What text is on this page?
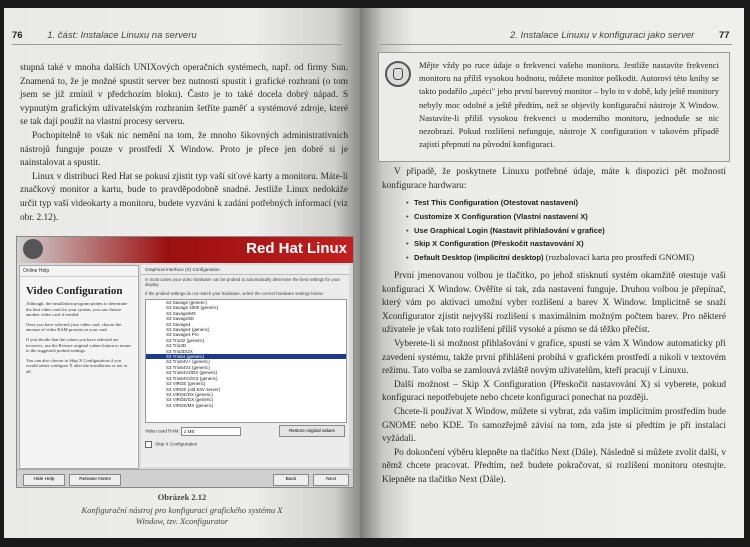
76	1. část: Instalace Linuxu na serveru

stupná také v mnoha dalších UNIXových operačních systémech, např. od firmy Sun. Znamená to, že je možné spustit server bez nutnosti spustit i grafické rozhraní (o tom jsem se již zmínil v předchozím bloku). Často je to také docela dobrý nápad. S vypnutým grafickým uživatelským rozhraním šetříte paměť a systémové zdroje, které se tak dají použít na vlastní procesy serveru.

Pochopitelně to však nic nemění na tom, že mnoho šikovných administrativních nástrojů funguje pouze v prostředí X Window. Proto je přece jen dobré si je nainstalovat a spustit.

Linux v distribuci Red Hat se pokusí zjistit typ vaší síťové karty a monitoru. Máte-li značkový monitor a kartu, bude to pravděpodobně snadné. Jestliže Linux nedokáže určit typ vaší videokarty a monitoru, budete vyzváni k zadání potřebných informací (viz obr. 2.12).

Red Hat Linux
Online Help
Video Configuration

Although, the installation program probes to determine the best video card for your system, you can choose another video card if needed.

Once you have selected your video card, choose the amount of video RAM present on your card.

If you decide that the values you have selected are incorrect, use the Restore original values button to return to the suggested probed settings.

You can also choose to Skip X Configuration if you would rather configure X after the installation or not at all.

Graphical Interface (X) Configuration
In most cases your video hardware can be probed to automatically determine the best settings for your display.
If the probed settings do not match your hardware, select the correct hardware settings below:
S3 Savage (generic)
S3 Savage 2000 (generic)
S3 Savage/MX
S3 Savage3D
S3 Savage4
S3 Savage4 (generic)
S3 Savage4 Pro
S3 Trio32 (generic)
S3 Trio3D
S3 Trio3D/2X
S3 Trio64 (generic)
S3 Trio64V+ (generic)
S3 Trio64V2 (generic)
S3 Trio64V2/DX (generic)
S3 Trio64V2/GX (generic)
S3 ViRGE (generic)
S3 ViRGE (old S3V server)
S3 ViRGE/DX (generic)
S3 ViRGE/GX (generic)
S3 ViRGE/MX (generic)
Video card RAM: 2 MB	Restore original values
Skip X Configuration
Hide Help	Release Notes	Back	Next
Obrázek 2.12
Konfigurační nástroj pro konfiguraci grafického systému X Window, tzv. Xconfigurator
2. Instalace Linuxu v konfiguraci jako server	77
Mějte vždy po ruce údaje o frekvenci vašeho monitoru. Jestliže nastavíte frekvenci monitoru na příliš vysokou hodnotu, můžete monitor poškodit. Autorovi této knihy se takto podařilo „upéci" jeho první barevný monitor – bylo to v době, kdy ještě monitory nebyly moc odolné a ještě předtím, než se objevily konfigurační nástroje X Window. Nastavíte-li příliš vysokou frekvenci u moderního monitoru, jednoduše se nic nezobrazí. Pokud rozlišení nefunguje, nástroje X configuration v takovém případě zajistí přepnutí na původní konfiguraci.

V případě, že poskytnete Linuxu potřebné údaje, máte k dispozici pět možností konfigurace hardwaru:

• Test This Configuration (Otestovat nastavení)
• Customize X Configuration (Vlastní nastavení X)
• Use Graphical Login (Nastavit přihlašování v grafice)
• Skip X Configuration (Přeskočit nastavování X)
• Default Desktop (implicitní desktop) (rozbalovací karta pro prostředí GNOME)

První jmenovanou volbou je tlačítko, po jehož stisknutí systém okamžitě otestuje vaši konfiguraci X Window. Ověříte si tak, zda nastavení funguje. Druhou volbou je přepínač, který vám po aktivaci umožní vybrr rozlišení a barev X Window. Implicitně se snaží Xconfigurator zjistit nejvyšší rozlišení s maximálním možným počtem barev. Pro některé uživatele je však toto rozlišení příliš vysoké a písmo se dá těžko přečíst.

Vyberete-li si možnost přihlašování v grafice, spustí se vám X Window automaticky při zavedení systému, takže první přihlášení probíhá v grafickém prostředí a nikoli v textovém režimu. Tato volba se zamlouvá zvláště novým uživatelům, kteří pracují v Linuxu.

Další možnost – Skip X Configuration (Přeskočit nastavování X) si vyberete, pokud konfiguraci nepotřebujete nebo chcete konfiguraci ponechat na později.

Chcete-li používat X Window, můžete si vybrat, zda vaším implicitním prostředím bude GNOME nebo KDE. To samozřejmě závisí na tom, zda jste si předtím je při instalaci vyžádali.

Po dokončení výběru klepněte na tlačítko Next (Dále). Následně si můžete zvolit další, v němž chcete pracovat. Předtím, než budete pokračovat, si rozlišení monitoru otestujte. Klepněte na tlačítko Next (Dále).
